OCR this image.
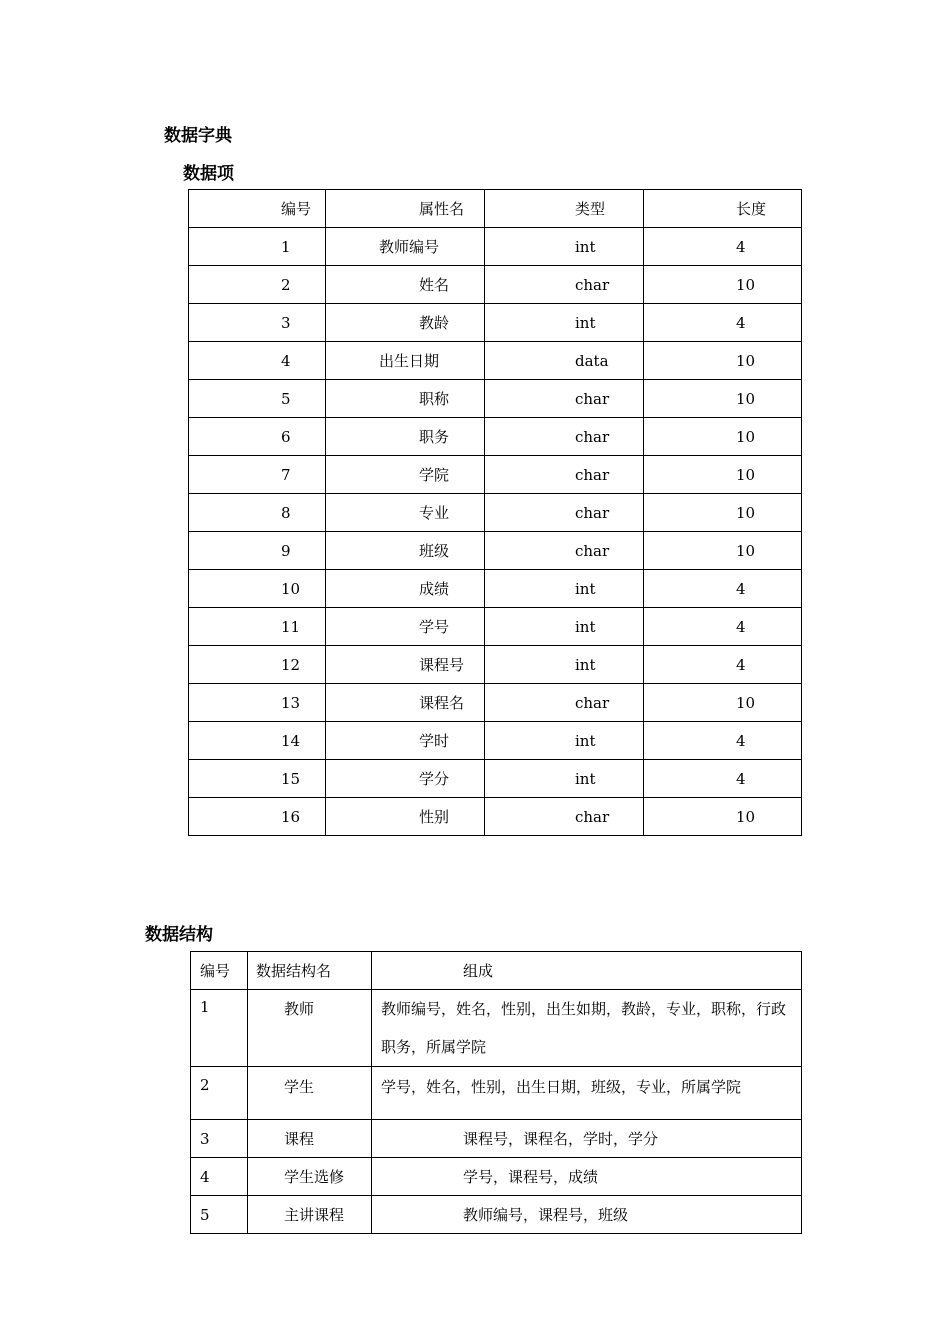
数据字典
数据项
编号	属性名	类型	长度
1	教师编号	int	4
2	姓名	char	10
3	教龄	int	4
4	出生日期	data	10
5	职称	char	10
6	职务	char	10
7	学院	char	10
8	专业	char	10
9	班级	char	10
10	成绩	int	4
11	学号	int	4
12	课程号	int	4
13	课程名	char	10
14	学时	int	4
15	学分	int	4
16	性别	char	10
数据结构
编号	数据结构名	组成
1	教师	教师编号，姓名，性别，出生如期，教龄，专业，职称，行政职务，所属学院
2	学生	学号，姓名，性别，出生日期，班级，专业，所属学院
3	课程	课程号，课程名，学时，学分
4	学生选修	学号，课程号，成绩
5	主讲课程	教师编号，课程号，班级
